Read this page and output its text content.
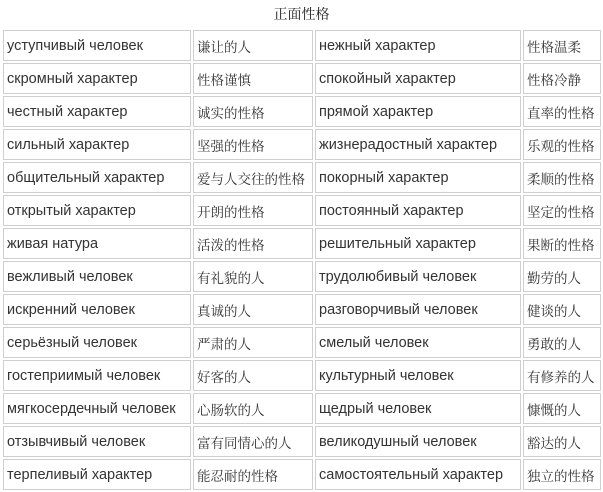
正面性格
уступчивый человек	谦让的人	нежный характер	性格温柔
скромный характер	性格谨慎	спокойный характер	性格冷静
честный характер	诚实的性格	прямой характер	直率的性格
сильный характер	坚强的性格	жизнерадостный характер	乐观的性格
общительный характер	爱与人交往的性格	покорный характер	柔顺的性格
открытый характер	开朗的性格	постоянный характер	坚定的性格
живая натура	活泼的性格	решительный характер	果断的性格
вежливый человек	有礼貌的人	трудолюбивый человек	勤劳的人
искренний человек	真诚的人	разговорчивый человек	健谈的人
серьёзный человек	严肃的人	смелый человек	勇敢的人
гостеприимый человек	好客的人	культурный человек	有修养的人
мягкосердечный человек	心肠软的人	щедрый человек	慷慨的人
отзывчивый человек	富有同情心的人	великодушный человек	豁达的人
терпеливый характер	能忍耐的性格	самостоятельный характер	独立的性格
